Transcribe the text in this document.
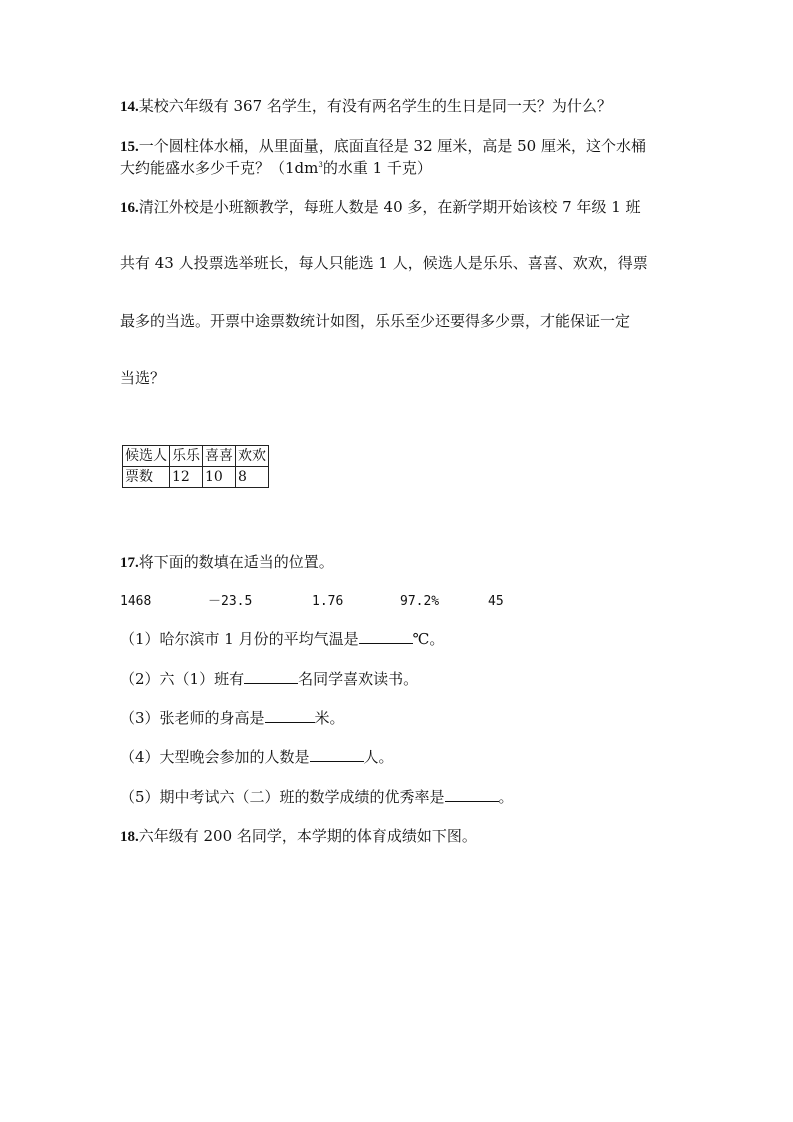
14.某校六年级有 367 名学生，有没有两名学生的生日是同一天？为什么？

15.一个圆柱体水桶，从里面量，底面直径是 32 厘米，高是 50 厘米，这个水桶

大约能盛水多少千克？（$1dm^3$的水重 1 千克）

16.清江外校是小班额教学，每班人数是 40 多，在新学期开始该校 7 年级 1 班

共有 43 人投票选举班长，每人只能选 1 人，候选人是乐乐、喜喜、欢欢，得票

最多的当选。开票中途票数统计如图，乐乐至少还要得多少票，才能保证一定

当选？

候选人	乐乐	喜喜	欢欢
票数	12	10	8

17.将下面的数填在适当的位置。

1468	－23.5	1.76	97.2%	45

（1）哈尔滨市 1 月份的平均气温是	℃。

（2）六（1）班有	名同学喜欢读书。

（3）张老师的身高是	米。

（4）大型晚会参加的人数是	人。

（5）期中考试六（二）班的数学成绩的优秀率是	。

18.六年级有 200 名同学，本学期的体育成绩如下图。
